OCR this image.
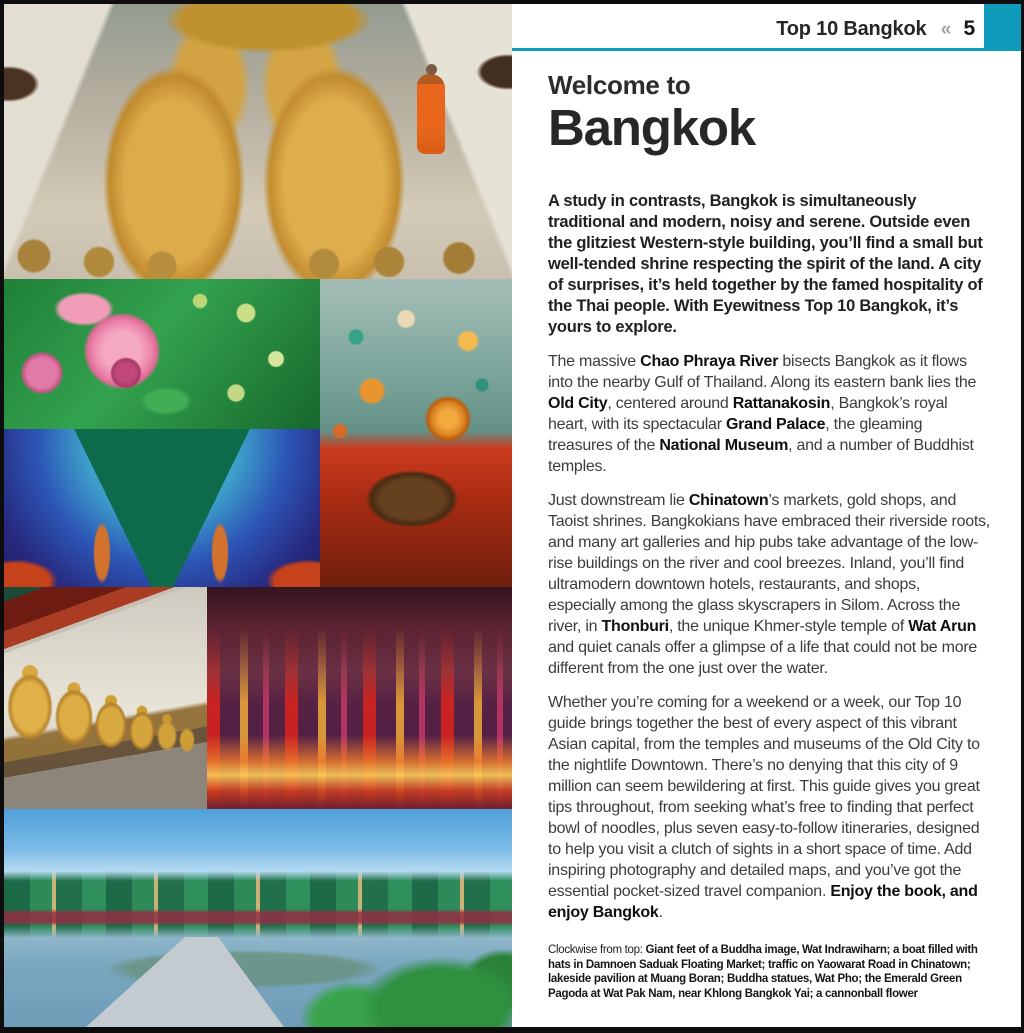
Top 10 Bangkok « 5
Welcome to
Bangkok

A study in contrasts, Bangkok is simultaneously traditional and modern, noisy and serene. Outside even the glitziest Western-style building, you’ll find a small but well-tended shrine respecting the spirit of the land. A city of surprises, it’s held together by the famed hospitality of the Thai people. With Eyewitness Top 10 Bangkok, it’s yours to explore.

The massive Chao Phraya River bisects Bangkok as it flows into the nearby Gulf of Thailand. Along its eastern bank lies the Old City, centered around Rattanakosin, Bangkok’s royal heart, with its spectacular Grand Palace, the gleaming treasures of the National Museum, and a number of Buddhist temples.

Just downstream lie Chinatown’s markets, gold shops, and Taoist shrines. Bangkokians have embraced their riverside roots, and many art galleries and hip pubs take advantage of the low-rise buildings on the river and cool breezes. Inland, you’ll find ultramodern downtown hotels, restaurants, and shops, especially among the glass skyscrapers in Silom. Across the river, in Thonburi, the unique Khmer-style temple of Wat Arun and quiet canals offer a glimpse of a life that could not be more different from the one just over the water.

Whether you’re coming for a weekend or a week, our Top 10 guide brings together the best of every aspect of this vibrant Asian capital, from the temples and museums of the Old City to the nightlife Downtown. There’s no denying that this city of 9 million can seem bewildering at first. This guide gives you great tips throughout, from seeking what’s free to finding that perfect bowl of noodles, plus seven easy-to-follow itineraries, designed to help you visit a clutch of sights in a short space of time. Add inspiring photography and detailed maps, and you’ve got the essential pocket-sized travel companion. Enjoy the book, and enjoy Bangkok.

Clockwise from top: Giant feet of a Buddha image, Wat Indrawiharn; a boat filled with hats in Damnoen Saduak Floating Market; traffic on Yaowarat Road in Chinatown; lakeside pavilion at Muang Boran; Buddha statues, Wat Pho; the Emerald Green Pagoda at Wat Pak Nam, near Khlong Bangkok Yai; a cannonball flower
